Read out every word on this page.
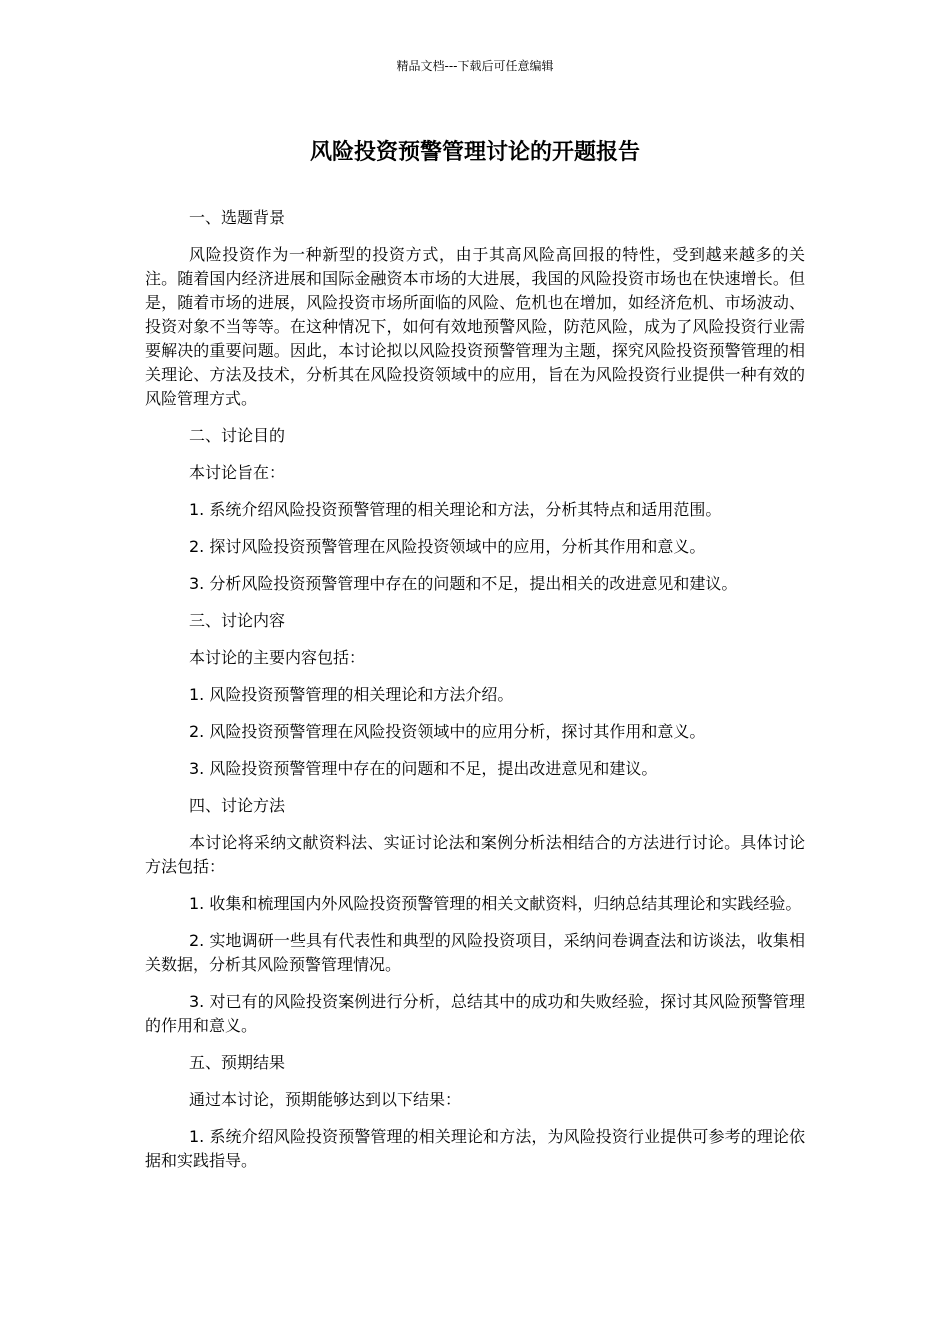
精品文档---下载后可任意编辑
风险投资预警管理讨论的开题报告

一、选题背景

风险投资作为一种新型的投资方式，由于其高风险高回报的特性，受到越来越多的关注。随着国内经济进展和国际金融资本市场的大进展，我国的风险投资市场也在快速增长。但是，随着市场的进展，风险投资市场所面临的风险、危机也在增加，如经济危机、市场波动、投资对象不当等等。在这种情况下，如何有效地预警风险，防范风险，成为了风险投资行业需要解决的重要问题。因此，本讨论拟以风险投资预警管理为主题，探究风险投资预警管理的相关理论、方法及技术，分析其在风险投资领域中的应用，旨在为风险投资行业提供一种有效的风险管理方式。

二、讨论目的

本讨论旨在：

1. 系统介绍风险投资预警管理的相关理论和方法，分析其特点和适用范围。

2. 探讨风险投资预警管理在风险投资领域中的应用，分析其作用和意义。

3. 分析风险投资预警管理中存在的问题和不足，提出相关的改进意见和建议。

三、讨论内容

本讨论的主要内容包括：

1. 风险投资预警管理的相关理论和方法介绍。

2. 风险投资预警管理在风险投资领域中的应用分析，探讨其作用和意义。

3. 风险投资预警管理中存在的问题和不足，提出改进意见和建议。

四、讨论方法

本讨论将采纳文献资料法、实证讨论法和案例分析法相结合的方法进行讨论。具体讨论方法包括：

1. 收集和梳理国内外风险投资预警管理的相关文献资料，归纳总结其理论和实践经验。

2. 实地调研一些具有代表性和典型的风险投资项目，采纳问卷调查法和访谈法，收集相关数据，分析其风险预警管理情况。

3. 对已有的风险投资案例进行分析，总结其中的成功和失败经验，探讨其风险预警管理的作用和意义。

五、预期结果

通过本讨论，预期能够达到以下结果：

1. 系统介绍风险投资预警管理的相关理论和方法，为风险投资行业提供可参考的理论依据和实践指导。
